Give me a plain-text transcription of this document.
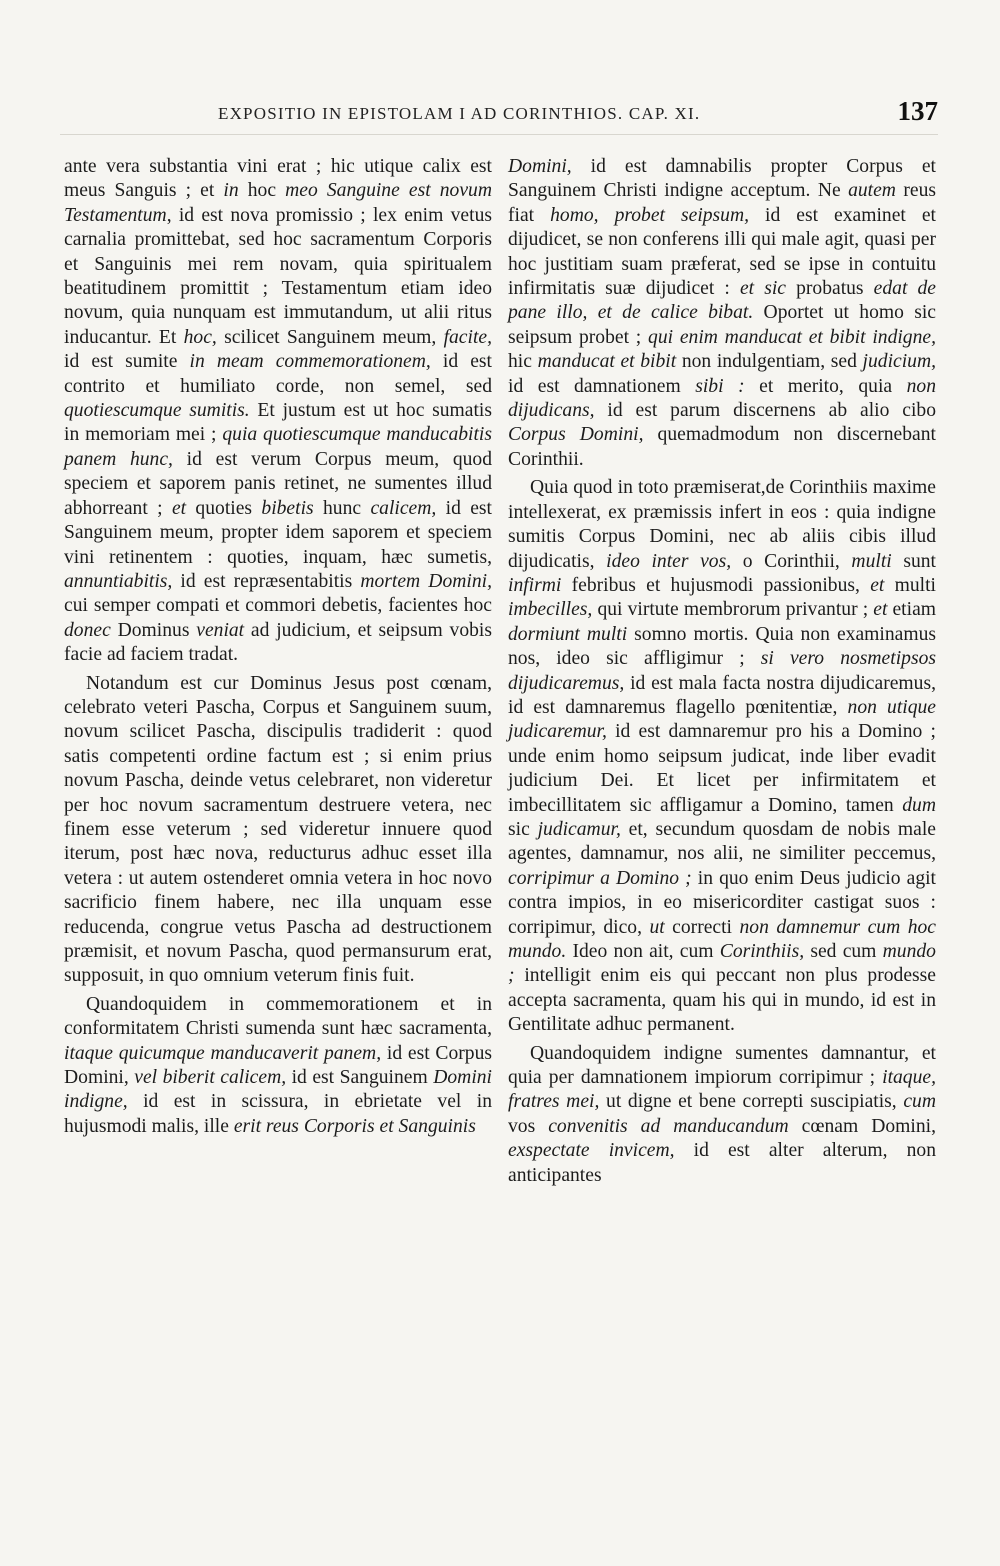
EXPOSITIO IN EPISTOLAM I AD CORINTHIOS. CAP. XI.	137

ante vera substantia vini erat ; hic utique calix est meus Sanguis ; et in hoc meo Sanguine est novum Testamentum, id est nova promissio ; lex enim vetus carnalia promittebat, sed hoc sacramentum Corporis et Sanguinis mei rem novam, quia spiritualem beatitudinem promittit ; Testamentum etiam ideo novum, quia nunquam est immutandum, ut alii ritus inducantur. Et hoc, scilicet Sanguinem meum, facite, id est sumite in meam commemorationem, id est contrito et humiliato corde, non semel, sed quotiescumque sumitis. Et justum est ut hoc sumatis in memoriam mei ; quia quotiescumque manducabitis panem hunc, id est verum Corpus meum, quod speciem et saporem panis retinet, ne sumentes illud abhorreant ; et quoties bibetis hunc calicem, id est Sanguinem meum, propter idem saporem et speciem vini retinentem : quoties, inquam, hæc sumetis, annuntiabitis, id est repræsentabitis mortem Domini, cui semper compati et commori debetis, facientes hoc donec Dominus veniat ad judicium, et seipsum vobis facie ad faciem tradat.

Notandum est cur Dominus Jesus post cœnam, celebrato veteri Pascha, Corpus et Sanguinem suum, novum scilicet Pascha, discipulis tradiderit : quod satis competenti ordine factum est ; si enim prius novum Pascha, deinde vetus celebraret, non videretur per hoc novum sacramentum destruere vetera, nec finem esse veterum ; sed videretur innuere quod iterum, post hæc nova, reducturus adhuc esset illa vetera : ut autem ostenderet omnia vetera in hoc novo sacrificio finem habere, nec illa unquam esse reducenda, congrue vetus Pascha ad destructionem præmisit, et novum Pascha, quod permansurum erat, supposuit, in quo omnium veterum finis fuit.

Quandoquidem in commemorationem et in conformitatem Christi sumenda sunt hæc sacramenta, itaque quicumque manducaverit panem, id est Corpus Domini, vel biberit calicem, id est Sanguinem Domini indigne, id est in scissura, in ebrietate vel in hujusmodi malis, ille erit reus Corporis et Sanguinis

Domini, id est damnabilis propter Corpus et Sanguinem Christi indigne acceptum. Ne autem reus fiat homo, probet seipsum, id est examinet et dijudicet, se non conferens illi qui male agit, quasi per hoc justitiam suam præferat, sed se ipse in contuitu infirmitatis suæ dijudicet : et sic probatus edat de pane illo, et de calice bibat. Oportet ut homo sic seipsum probet ; qui enim manducat et bibit indigne, hic manducat et bibit non indulgentiam, sed judicium, id est damnationem sibi : et merito, quia non dijudicans, id est parum discernens ab alio cibo Corpus Domini, quemadmodum non discernebant Corinthii.

Quia quod in toto præmiserat,de Corinthiis maxime intellexerat, ex præmissis infert in eos : quia indigne sumitis Corpus Domini, nec ab aliis cibis illud dijudicatis, ideo inter vos, o Corinthii, multi sunt infirmi febribus et hujusmodi passionibus, et multi imbecilles, qui virtute membrorum privantur ; et etiam dormiunt multi somno mortis. Quia non examinamus nos, ideo sic affligimur ; si vero nosmetipsos dijudicaremus, id est mala facta nostra dijudicaremus, id est damnaremus flagello pœnitentiæ, non utique judicaremur, id est damnaremur pro his a Domino ; unde enim homo seipsum judicat, inde liber evadit judicium Dei. Et licet per infirmitatem et imbecillitatem sic affligamur a Domino, tamen dum sic judicamur, et, secundum quosdam de nobis male agentes, damnamur, nos alii, ne similiter peccemus, corripimur a Domino ; in quo enim Deus judicio agit contra impios, in eo misericorditer castigat suos : corripimur, dico, ut correcti non damnemur cum hoc mundo. Ideo non ait, cum Corinthiis, sed cum mundo ; intelligit enim eis qui peccant non plus prodesse accepta sacramenta, quam his qui in mundo, id est in Gentilitate adhuc permanent.

Quandoquidem indigne sumentes damnantur, et quia per damnationem impiorum corripimur ; itaque, fratres mei, ut digne et bene correpti suscipiatis, cum vos convenitis ad manducandum cœnam Domini, exspectate invicem, id est alter alterum, non anticipantes
